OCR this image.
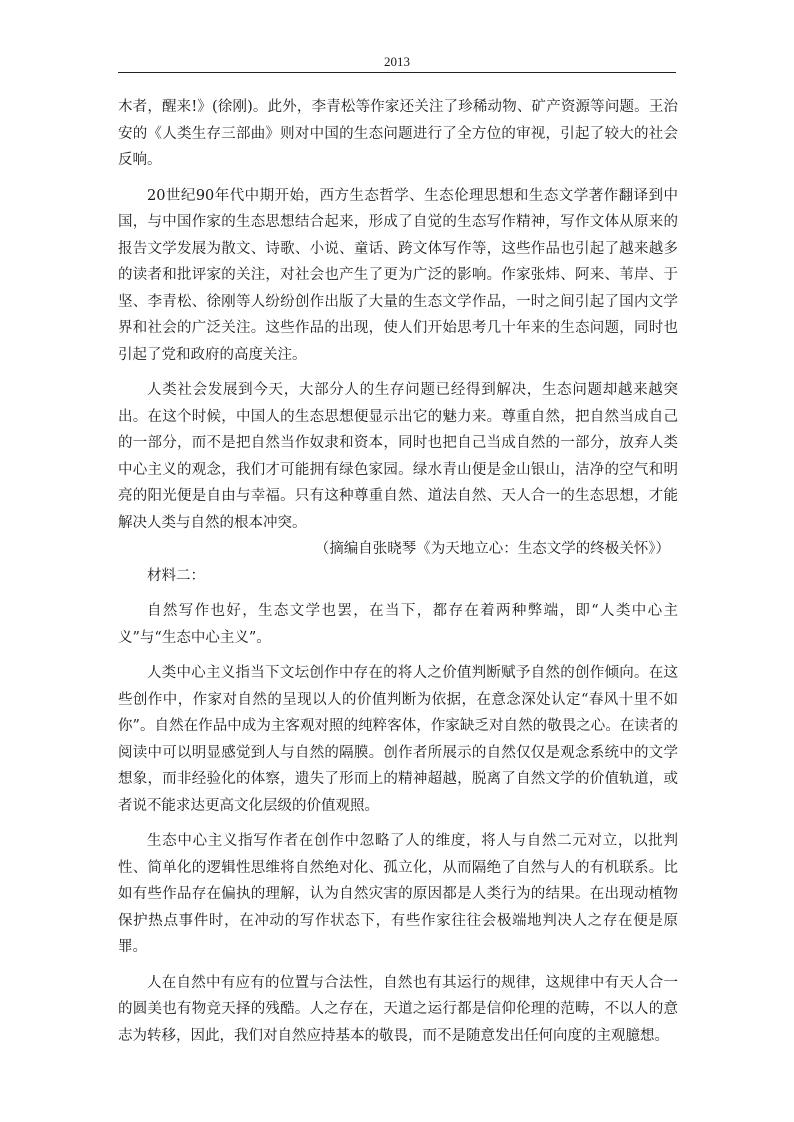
2013

木者，醒来!》(徐刚)。此外，李青松等作家还关注了珍稀动物、矿产资源等问题。王治安的《人类生存三部曲》则对中国的生态问题进行了全方位的审视，引起了较大的社会反响。

20世纪90年代中期开始，西方生态哲学、生态伦理思想和生态文学著作翻译到中国，与中国作家的生态思想结合起来，形成了自觉的生态写作精神，写作文体从原来的报告文学发展为散文、诗歌、小说、童话、跨文体写作等，这些作品也引起了越来越多的读者和批评家的关注，对社会也产生了更为广泛的影响。作家张炜、阿来、苇岸、于坚、李青松、徐刚等人纷纷创作出版了大量的生态文学作品，一时之间引起了国内文学界和社会的广泛关注。这些作品的出现，使人们开始思考几十年来的生态问题，同时也引起了党和政府的高度关注。

人类社会发展到今天，大部分人的生存问题已经得到解决，生态问题却越来越突出。在这个时候，中国人的生态思想便显示出它的魅力来。尊重自然，把自然当成自己的一部分，而不是把自然当作奴隶和资本，同时也把自己当成自然的一部分，放弃人类中心主义的观念，我们才可能拥有绿色家园。绿水青山便是金山银山，洁净的空气和明亮的阳光便是自由与幸福。只有这种尊重自然、道法自然、天人合一的生态思想，才能解决人类与自然的根本冲突。

（摘编自张晓琴《为天地立心：生态文学的终极关怀》）

材料二：

自然写作也好，生态文学也罢，在当下，都存在着两种弊端，即“人类中心主义”与“生态中心主义”。

人类中心主义指当下文坛创作中存在的将人之价值判断赋予自然的创作倾向。在这些创作中，作家对自然的呈现以人的价值判断为依据，在意念深处认定“春风十里不如你”。自然在作品中成为主客观对照的纯粹客体，作家缺乏对自然的敬畏之心。在读者的阅读中可以明显感觉到人与自然的隔膜。创作者所展示的自然仅仅是观念系统中的文学想象，而非经验化的体察，遗失了形而上的精神超越，脱离了自然文学的价值轨道，或者说不能求达更高文化层级的价值观照。

生态中心主义指写作者在创作中忽略了人的维度，将人与自然二元对立，以批判性、简单化的逻辑性思维将自然绝对化、孤立化，从而隔绝了自然与人的有机联系。比如有些作品存在偏执的理解，认为自然灾害的原因都是人类行为的结果。在出现动植物保护热点事件时，在冲动的写作状态下，有些作家往往会极端地判决人之存在便是原罪。

人在自然中有应有的位置与合法性，自然也有其运行的规律，这规律中有天人合一的圆美也有物竞天择的残酷。人之存在，天道之运行都是信仰伦理的范畴，不以人的意志为转移，因此，我们对自然应持基本的敬畏，而不是随意发出任何向度的主观臆想。
